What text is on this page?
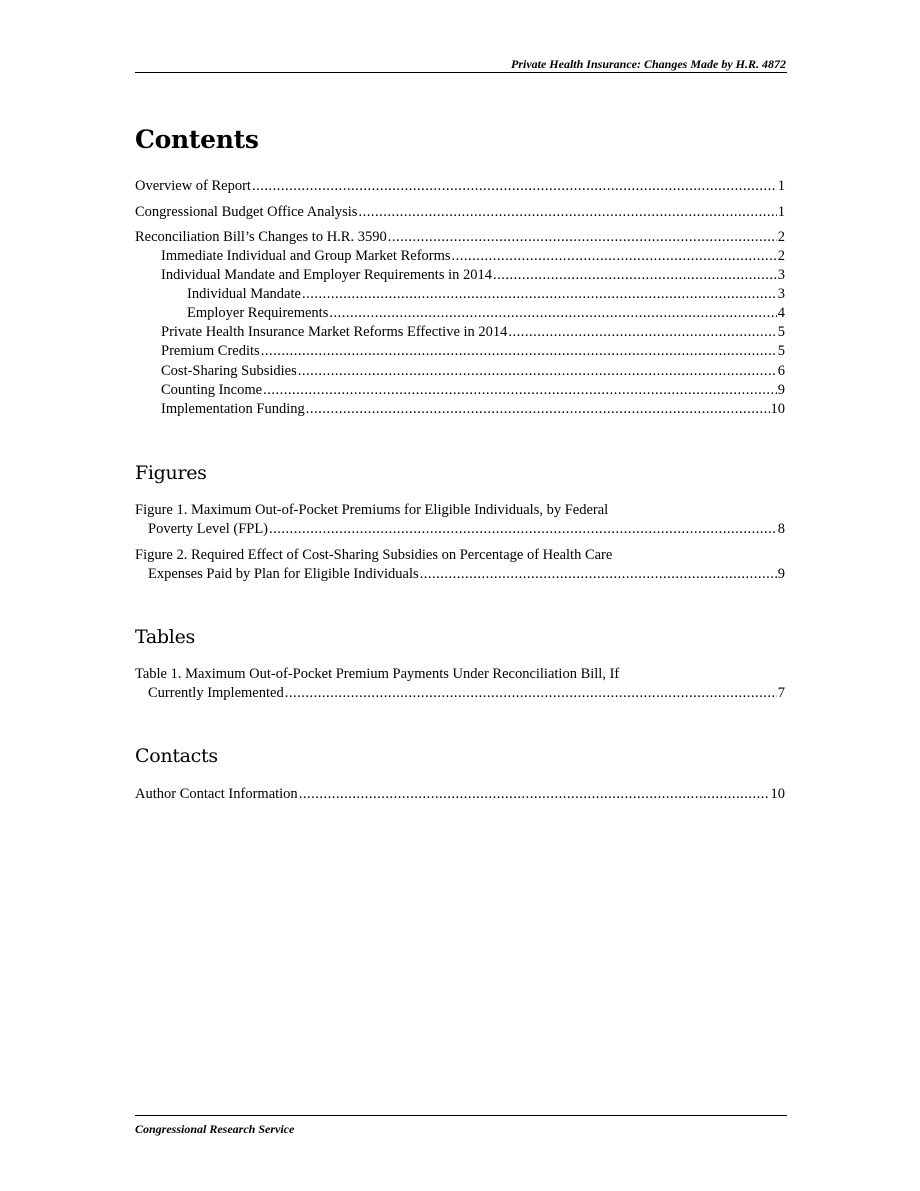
Private Health Insurance: Changes Made by H.R. 4872
Contents
Overview of Report .....	1
Congressional Budget Office Analysis .....	1
Reconciliation Bill’s Changes to H.R. 3590 .....	2
Immediate Individual and Group Market Reforms .....	2
Individual Mandate and Employer Requirements in 2014 .....	3
Individual Mandate .....	3
Employer Requirements .....	4
Private Health Insurance Market Reforms Effective in 2014 .....	5
Premium Credits .....	5
Cost-Sharing Subsidies .....	6
Counting Income .....	9
Implementation Funding .....	10
Figures
Figure 1. Maximum Out-of-Pocket Premiums for Eligible Individuals, by Federal
Poverty Level (FPL) .....	8
Figure 2. Required Effect of Cost-Sharing Subsidies on Percentage of Health Care
Expenses Paid by Plan for Eligible Individuals .....	9
Tables
Table 1. Maximum Out-of-Pocket Premium Payments Under Reconciliation Bill, If
Currently Implemented .....	7
Contacts
Author Contact Information .....	10
Congressional Research Service
